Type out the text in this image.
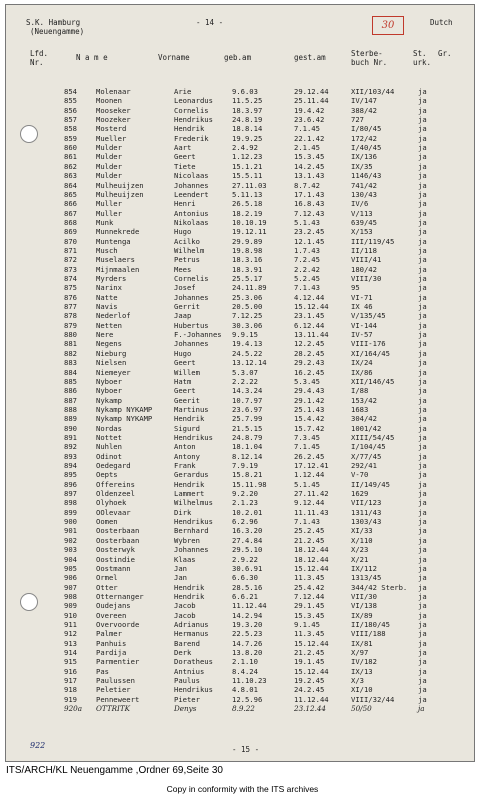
S.K. Hamburg
(Neuengamme)
- 14 -	30	Dutch
Lfd.
Nr.
N a m e	Vorname	geb.am	gest.am	Sterbe-
buch Nr.
St.
urk.
Gr.
854	Molenaar	Arie	9.6.03	29.12.44	XII/103/44	ja
855	Moonen	Leonardus	11.5.25	25.11.44	IV/147	ja
856	Mooseker	Cornelis	18.3.97	19.4.42	388/42	ja
857	Moozeker	Hendrikus	24.8.19	23.6.42	727	ja
858	Mosterd	Hendrik	18.8.14	7.1.45	I/80/45	ja
859	Mueller	Frederik	19.9.25	22.1.42	172/42	ja
860	Mulder	Aart	2.4.92	2.1.45	I/40/45	ja
861	Mulder	Geert	1.12.23	15.3.45	IX/136	ja
862	Mulder	Tiete	15.1.21	14.2.45	IX/35	ja
863	Mulder	Nicolaas	15.5.11	13.1.43	1146/43	ja
864	Mulheuijzen	Johannes	27.11.03	8.7.42	741/42	ja
865	Mulheuijzen	Leendert	5.11.13	17.1.43	130/43	ja
866	Muller	Henri	26.5.18	16.8.43	IV/6	ja
867	Muller	Antonius	18.2.19	7.12.43	V/113	ja
868	Munk	Nikolaas	10.10.19	5.1.43	639/45	ja
869	Munnekrede	Hugo	19.12.11	23.2.45	X/153	ja
870	Muntenga	Acilko	29.9.89	12.1.45	III/119/45	ja
871	Musch	Wilhelm	19.8.98	1.7.43	II/118	ja
872	Muselaers	Petrus	18.3.16	7.2.45	VIII/41	ja
873	Mijnmaalen	Mees	18.3.91	2.2.42	180/42	ja
874	Myrders	Cornelis	25.5.17	5.2.45	VIII/30	ja
875	Narinx	Josef	24.11.89	7.1.43	95	ja
876	Natte	Johannes	25.3.06	4.12.44	VI-71	ja
877	Navis	Gerrit	20.5.00	15.12.44	IX 46	ja
878	Nederlof	Jaap	7.12.25	23.1.45	V/135/45	ja
879	Netten	Hubertus	30.3.06	6.12.44	VI-144	ja
880	Nere	F.-Johannes 9.9.15	13.11.44	IV-57	ja
881	Negens	Johannes	19.4.13	12.2.45	VIII-176	ja
882	Nieburg	Hugo	24.5.22	28.2.45	XI/164/45	ja
883	Nielsen	Geert	13.12.14	29.2.43	IX/24	ja
884	Niemeyer	Willem	5.3.07	16.2.45	IX/86	ja
885	Nyboer	Hatm	2.2.22	5.3.45	XII/146/45	ja
886	Nyboer	Geert	14.3.24	29.4.43	I/88	ja
887	Nykamp	Geerit	10.7.97	29.1.42	153/42	ja
888	Nykamp NYKAMP	Martinus	23.6.97	25.1.43	1683	ja
889	Nykamp NYKAMP	Hendrik	25.7.99	15.4.42	304/42	ja
890	Nordas	Sigurd	21.5.15	15.7.42	1001/42	ja
891	Nottet	Hendrikus	24.8.79	7.3.45	XIII/54/45	ja
892	Nuhlen	Anton	18.1.04	7.1.45	I/104/45	ja
893	Odinot	Antony	8.12.14	26.2.45	X/77/45	ja
894	Oedegard	Frank	7.9.19	17.12.41	292/41	ja
895	Oepts	Gerardus	15.8.21	1.12.44	V-70	ja
896	Offereins	Hendrik	15.11.98	5.1.45	II/149/45	ja
897	Oldenzeel	Lammert	9.2.20	27.11.42	1629	ja
898	Olyhoek	Wilhelmus	2.1.23	9.12.44	VII/123	ja
899	OOlevaar	Dirk	10.2.01	11.11.43	1311/43	ja
900	Oomen	Hendrikus	6.2.96	7.1.43	1303/43	ja
901	Oosterbaan	Bernhard	16.3.20	25.2.45	XI/33	ja
902	Oosterbaan	Wybren	27.4.84	21.2.45	X/110	ja
903	Oosterwyk	Johannes	29.5.10	18.12.44	X/23	ja
904	Oostindie	Klaas	2.9.22	18.12.44	X/21	ja
905	Oostmann	Jan	30.6.91	15.12.44	IX/112	ja
906	Ormel	Jan	6.6.30	11.3.45	1313/45	ja
907	Otter	Hendrik	28.5.16	25.4.42	344/42 Sterb. ja
908	Otternanger	Hendrik	6.6.21	7.12.44	VII/30	ja
909	Oudejans	Jacob	11.12.44	29.1.45	VI/138	ja
910	Overeen	Jacob	14.2.94	15.3.45	IX/89	ja
911	Overvoorde	Adrianus	19.3.20	9.1.45	II/180/45	ja
912	Palmer	Hermanus	22.5.23	11.3.45	VIII/188	ja
913	Panhuis	Barend	14.7.26	15.12.44	IX/81	ja
914	Pardija	Derk	13.8.20	21.2.45	X/97	ja
915	Parmentier	Doratheus	2.1.10	19.1.45	IV/182	ja
916	Pas	Antnius	8.4.24	15.12.44	IX/13	ja
917	Paulussen	Paulus	11.10.23	19.2.45	X/3	ja
918	Peletier	Hendrikus	4.8.01	24.2.45	XI/10	ja
919	Penneweert	Pieter	12.5.96	11.12.44	VIII/32/44	ja
920a OTTRITK	Denys	8.9.22	23.12.44	50/50	ja
922	- 15 -
ITS/ARCH/KL Neuengamme ,Ordner 69,Seite 30
Copy in conformity with the ITS archives
